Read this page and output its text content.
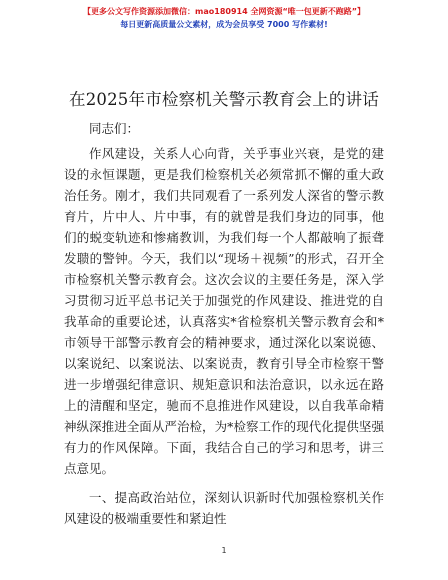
【更多公文写作资源添加微信：mao180914 全网资源“唯一包更新不跑路”】
每日更新高质量公文素材，成为会员享受 7000 写作素材!
在2025年市检察机关警示教育会上的讲话

同志们：

作风建设，关系人心向背，关乎事业兴衰，是党的建设的永恒课题，更是我们检察机关必须常抓不懈的重大政治任务。刚才，我们共同观看了一系列发人深省的警示教育片，片中人、片中事，有的就曾是我们身边的同事，他们的蜕变轨迹和惨痛教训，为我们每一个人都敲响了振聋发聩的警钟。今天，我们以“现场＋视频”的形式，召开全市检察机关警示教育会。这次会议的主要任务是，深入学习贯彻习近平总书记关于加强党的作风建设、推进党的自我革命的重要论述，认真落实*省检察机关警示教育会和*市领导干部警示教育会的精神要求，通过深化以案说德、以案说纪、以案说法、以案说责，教育引导全市检察干警进一步增强纪律意识、规矩意识和法治意识，以永远在路上的清醒和坚定，驰而不息推进作风建设，以自我革命精神纵深推进全面从严治检，为*检察工作的现代化提供坚强有力的作风保障。下面，我结合自己的学习和思考，讲三点意见。

一、提高政治站位，深刻认识新时代加强检察机关作风建设的极端重要性和紧迫性

1
